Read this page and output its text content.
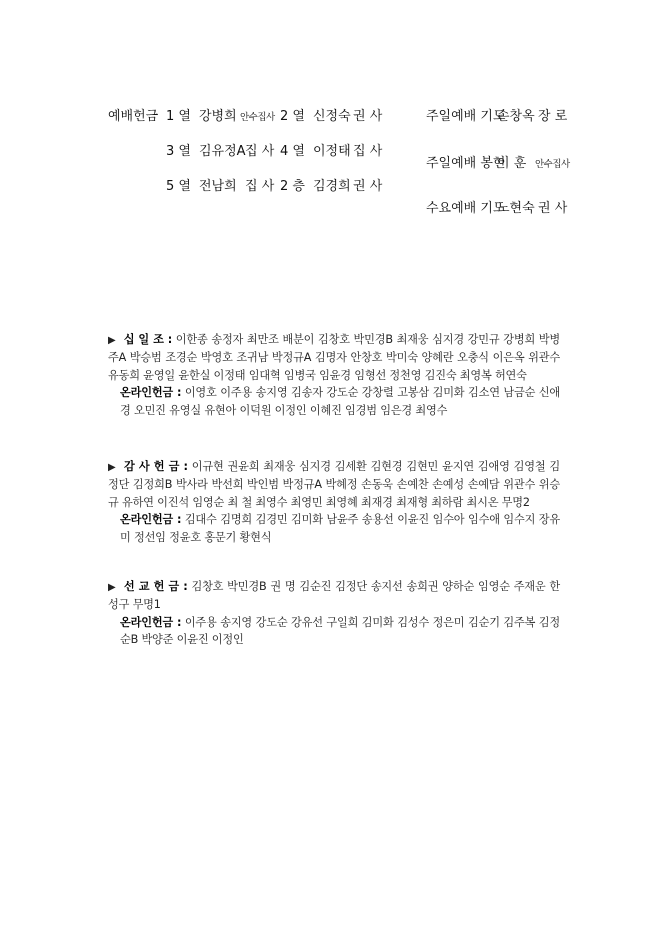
예배헌금 1 열 강병희 안수집사 2 열 신정숙 권 사
3 열 김유정A 집 사 4 열 이정태 집 사
5 열 전남희 집 사 2 층 김경희 권 사
주일예배 기도
손창옥 장 로
주일예배 봉헌
이 훈 안수집사
수요예배 기도
노현숙 권 사

▶ 십 일 조 : 이한종 송정자 최만조 배분이 김창호 박민경B 최재웅 심지경 강민규 강병희 박병주A 박승범 조경순 박영호 조귀남 박정규A 김명자 안창호 박미숙 양혜란 오충식 이은옥 위관수 유동희 윤영일 윤한실 이정태 임대혁 임병국 임윤경 임형선 정천영 김진숙 최영복 허연숙

온라인헌금 : 이영호 이주용 송지영 김송자 강도순 강창렬 고봉삼 김미화 김소연 남금순 신애경 오민진 유영실 유현아 이덕원 이정인 이혜진 임경범 임은경 최영수

▶ 감 사 헌 금 : 이규현 권윤희 최재웅 심지경 김세환 김현경 김현민 윤지연 김애영 김영철 김정단 김정희B 박사라 박선희 박인범 박정규A 박혜정 손동욱 손예찬 손예성 손예담 위관수 위승규 유하연 이진석 임영순 최 철 최영수 최영민 최영혜 최재경 최재형 최하람 최시온 무명2

온라인헌금 : 김대수 김명희 김경민 김미화 남윤주 송용선 이윤진 임수아 임수애 임수지 장유미 정선임 정윤호 홍문기 황현식

▶ 선 교 헌 금 : 김창호 박민경B 권 명 김순진 김정단 송지선 송희권 양하순 임영순 주재운 한성구 무명1

온라인헌금 : 이주용 송지영 강도순 강유선 구일희 김미화 김성수 정은미 김순기 김주복 김정순B 박양준 이윤진 이정인
